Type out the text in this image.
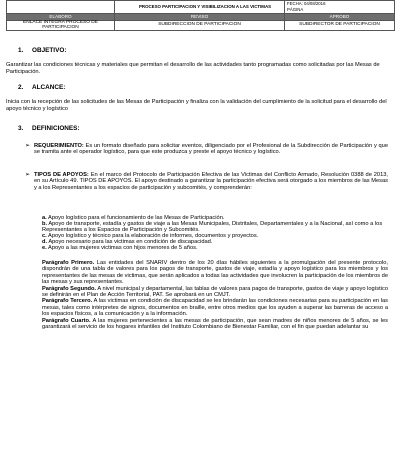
	PROCESO PARTICIPACION Y VISIBILIZACION A LAS VICTIMAS	FECHA: 04/08/2016
PÁGINA

ELABORO	REVISO	APROBO
ENLACE INTEGRA PROCESO DE PARTICIPACION	SUBDIRECCION DE PARTICIPACION	SUBDIRECTOR DE PARTICIPACION
1. OBJETIVO:
Garantizar las condiciones técnicas y materiales que permitan el desarrollo de las actividades tanto programadas como solicitadas por las Mesas de Participación.
2. ALCANCE:
Inicia con la recepción de las solicitudes de las Mesas de Participación y finaliza con la validación del cumplimiento de la solicitud para el desarrollo del apoyo técnico y logístico
3. DEFINICIONES:
➢ REQUERIMIENTO: Es un formato diseñado para solicitar eventos, diligenciado por el Profesional de la Subdirección de Participación y que se tramita ante el operador logístico, para que este produzca y preste el apoyo técnico y logístico.
➢ TIPOS DE APOYOS: En el marco del Protocolo de Participación Efectiva de las Victimas del Conflicto Armado, Resolución 0388 de 2013, en su Artículo 49. TIPOS DE APOYOS. El apoyo destinado a garantizar la participación efectiva será otorgado a los miembros de las Mesas y a los Representantes a los espacios de participación y subcomités, y comprenderán:
a. Apoyo logístico para el funcionamiento de las Mesas de Participación.
b. Apoyo de transporte, estadía y gastos de viaje a las Mesas Municipales, Distritales, Departamentales y a la Nacional, así como a los Representantes a los Espacios de Participación y Subcomités.
c. Apoyo logístico y técnico para la elaboración de informes, documentos y proyectos.
d. Apoyo necesario para las victimas en condición de discapacidad.
e. Apoyo a las mujeres victimas con hijos menores de 5 años.
Parágrafo Primero. Las entidades del SNARIV dentro de los 20 días hábiles siguientes a la promulgación del presente protocolo, dispondrán de una tabla de valores para los pagos de transporte, gastos de viaje, estadía y apoyo logístico para los miembros y los representantes de las mesas de victimas, que serán aplicados a todas las actividades que involucren la participación de los miembros de las mesas y sus representantes.
Parágrafo Segundo. A nivel municipal y departamental, las tablas de valores para pagos de transporte, gastos de viaje y apoyo logístico se definirán en el Plan de Acción Territorial, PAT. Se aprobará en un CMJT.
Parágrafo Tercero. A las victimas en condición de discapacidad se les brindarán las condiciones necesarias para su participación en las mesas, tales como intérpretes de signos, documentos en braille, entre otros medios que los ayuden a superar las barreras de acceso a los espacios físicos, a la comunicación y a la información.
Parágrafo Cuarto. A las mujeres pertenecientes a las mesas de participación, que sean madres de niños menores de 5 años, se les garantizará el servicio de los hogares infantiles del Instituto Colombiano de Bienestar Familiar, con el fin que puedan adelantar su
